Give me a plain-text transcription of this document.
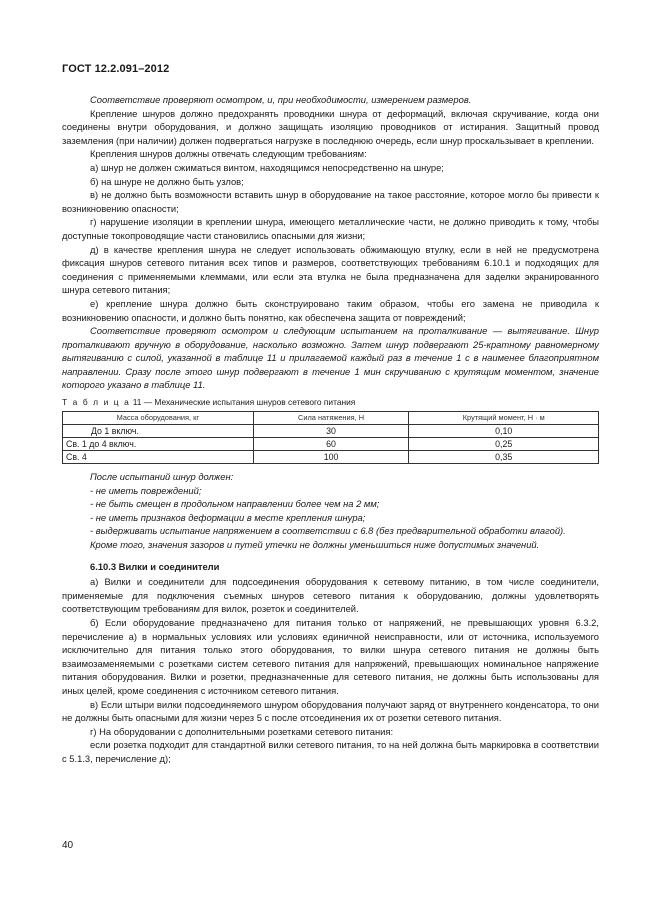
ГОСТ 12.2.091–2012

Соответствие проверяют осмотром, и, при необходимости, измерением размеров.

Крепление шнуров должно предохранять проводники шнура от деформаций, включая скручивание, когда они соединены внутри оборудования, и должно защищать изоляцию проводников от истирания. Защитный провод заземления (при наличии) должен подвергаться нагрузке в последнюю очередь, если шнур проскальзывает в креплении.

Крепления шнуров должны отвечать следующим требованиям:

а) шнур не должен сжиматься винтом, находящимся непосредственно на шнуре;

б) на шнуре не должно быть узлов;

в) не должно быть возможности вставить шнур в оборудование на такое расстояние, которое могло бы привести к возникновению опасности;

г) нарушение изоляции в креплении шнура, имеющего металлические части, не должно приводить к тому, чтобы доступные токопроводящие части становились опасными для жизни;

д) в качестве крепления шнура не следует использовать обжимающую втулку, если в ней не предусмотрена фиксация шнуров сетевого питания всех типов и размеров, соответствующих требованиям 6.10.1 и подходящих для соединения с применяемыми клеммами, или если эта втулка не была предназначена для заделки экранированного шнура сетевого питания;

е) крепление шнура должно быть сконструировано таким образом, чтобы его замена не приводила к возникновению опасности, и должно быть понятно, как обеспечена защита от повреждений;

Соответствие проверяют осмотром и следующим испытанием на проталкивание — вытягивание. Шнур проталкивают вручную в оборудование, насколько возможно. Затем шнур подвергают 25-кратному равномерному вытягиванию с силой, указанной в таблице 11 и прилагаемой каждый раз в течение 1 с в наименее благоприятном направлении. Сразу после этого шнур подвергают в течение 1 мин скручиванию с крутящим моментом, значение которого указано в таблице 11.

Т а б л и ц а 11 — Механические испытания шнуров сетевого питания
Масса оборудования, кг	Сила натяжения, Н	Крутящий момент, Н · м
До 1 включ.	30	0,10
Св. 1 до 4 включ.	60	0,25
Св. 4	100	0,35

После испытаний шнур должен:

- не иметь повреждений;

- не быть смещен в продольном направлении более чем на 2 мм;

- не иметь признаков деформации в месте крепления шнура;

- выдерживать испытание напряжением в соответствии с 6.8 (без предварительной обработки влагой).

Кроме того, значения зазоров и путей утечки не должны уменьшиться ниже допустимых значений.

6.10.3 Вилки и соединители

а) Вилки и соединители для подсоединения оборудования к сетевому питанию, в том числе соединители, применяемые для подключения съемных шнуров сетевого питания к оборудованию, должны удовлетворять соответствующим требованиям для вилок, розеток и соединителей.

б) Если оборудование предназначено для питания только от напряжений, не превышающих уровня 6.3.2, перечисление а) в нормальных условиях или условиях единичной неисправности, или от источника, используемого исключительно для питания только этого оборудования, то вилки шнура сетевого питания не должны быть взаимозаменяемыми с розетками систем сетевого питания для напряжений, превышающих номинальное напряжение питания оборудования. Вилки и розетки, предназначенные для сетевого питания, не должны быть использованы для иных целей, кроме соединения с источником сетевого питания.

в) Если штыри вилки подсоединяемого шнуром оборудования получают заряд от внутреннего конденсатора, то они не должны быть опасными для жизни через 5 с после отсоединения их от розетки сетевого питания.

г) На оборудовании с дополнительными розетками сетевого питания:

если розетка подходит для стандартной вилки сетевого питания, то на ней должна быть маркировка в соответствии с 5.1.3, перечисление д);

40
